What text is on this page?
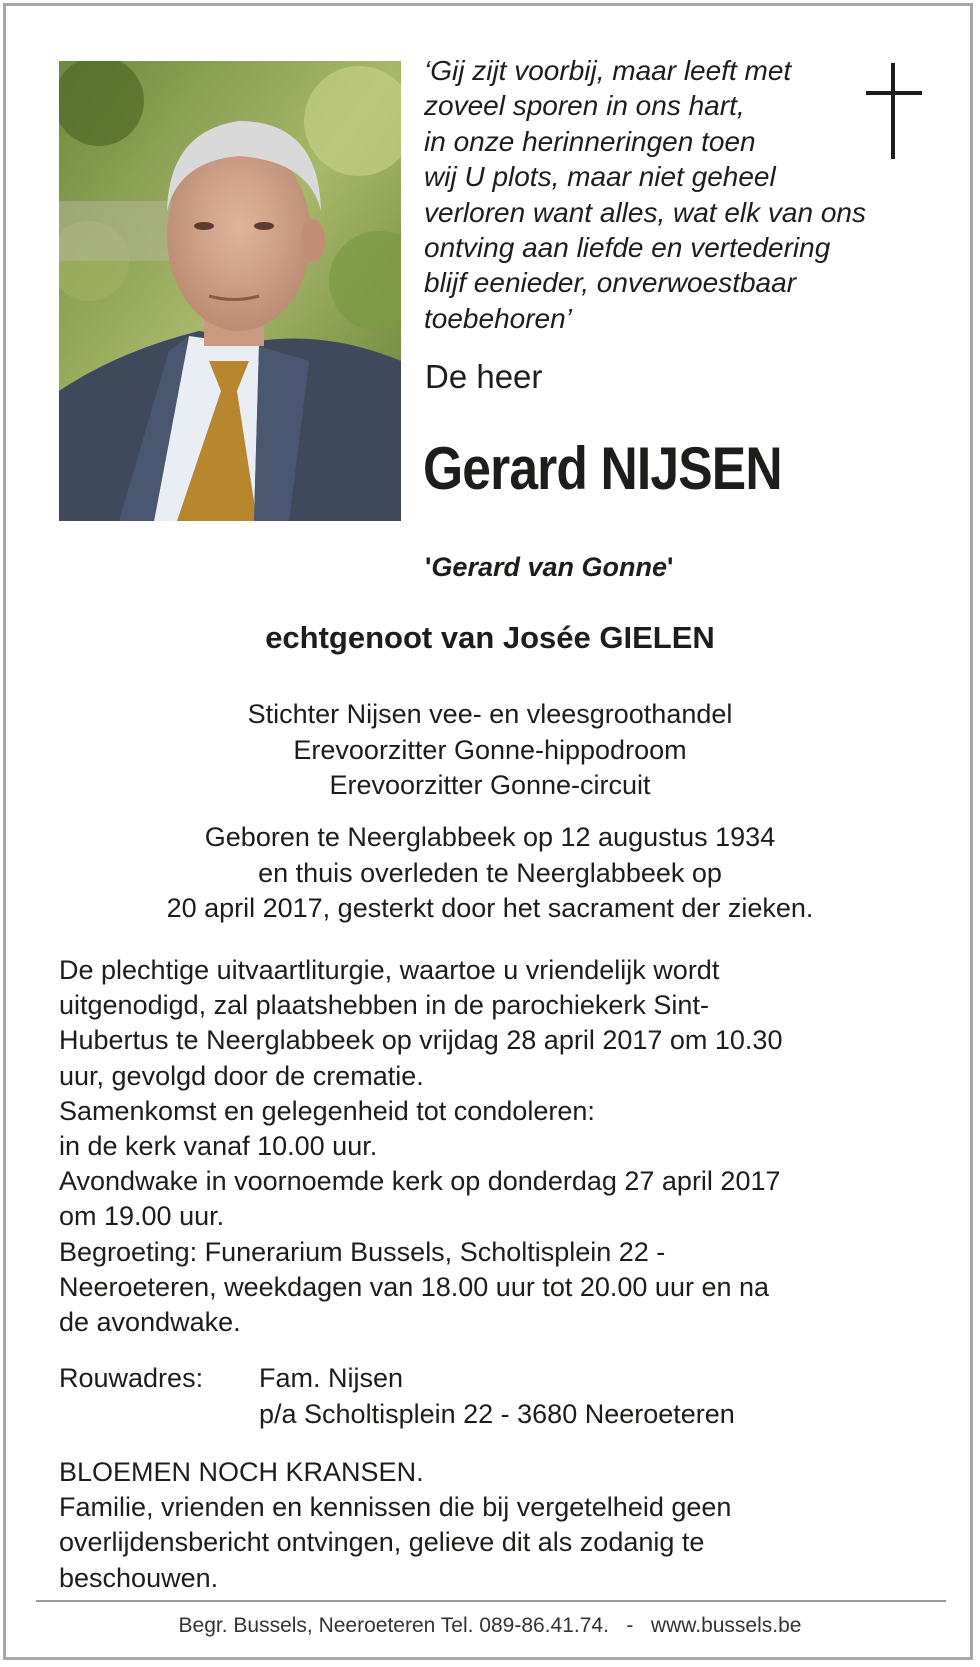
‘Gij zijt voorbij, maar leeft met
zoveel sporen in ons hart,
in onze herinneringen toen
wij U plots, maar niet geheel
verloren want alles, wat elk van ons
ontving aan liefde en vertedering
blijf eenieder, onverwoestbaar
toebehoren’
De heer
Gerard NIJSEN
'Gerard van Gonne'
echtgenoot van Josée GIELEN
Stichter Nijsen vee- en vleesgroothandel
Erevoorzitter Gonne-hippodroom
Erevoorzitter Gonne-circuit
Geboren te Neerglabbeek op 12 augustus 1934
en thuis overleden te Neerglabbeek op
20 april 2017, gesterkt door het sacrament der zieken.
De plechtige uitvaartliturgie, waartoe u vriendelijk wordt
uitgenodigd, zal plaatshebben in de parochiekerk Sint-
Hubertus te Neerglabbeek op vrijdag 28 april 2017 om 10.30
uur, gevolgd door de crematie.
Samenkomst en gelegenheid tot condoleren:
in de kerk vanaf 10.00 uur.
Avondwake in voornoemde kerk op donderdag 27 april 2017
om 19.00 uur.
Begroeting: Funerarium Bussels, Scholtisplein 22 -
Neeroeteren, weekdagen van 18.00 uur tot 20.00 uur en na
de avondwake.
Rouwadres: Fam. Nijsen
p/a Scholtisplein 22 - 3680 Neeroeteren
BLOEMEN NOCH KRANSEN.
Familie, vrienden en kennissen die bij vergetelheid geen
overlijdensbericht ontvingen, gelieve dit als zodanig te
beschouwen.
Begr. Bussels, Neeroeteren Tel. 089-86.41.74.   -   www.bussels.be
